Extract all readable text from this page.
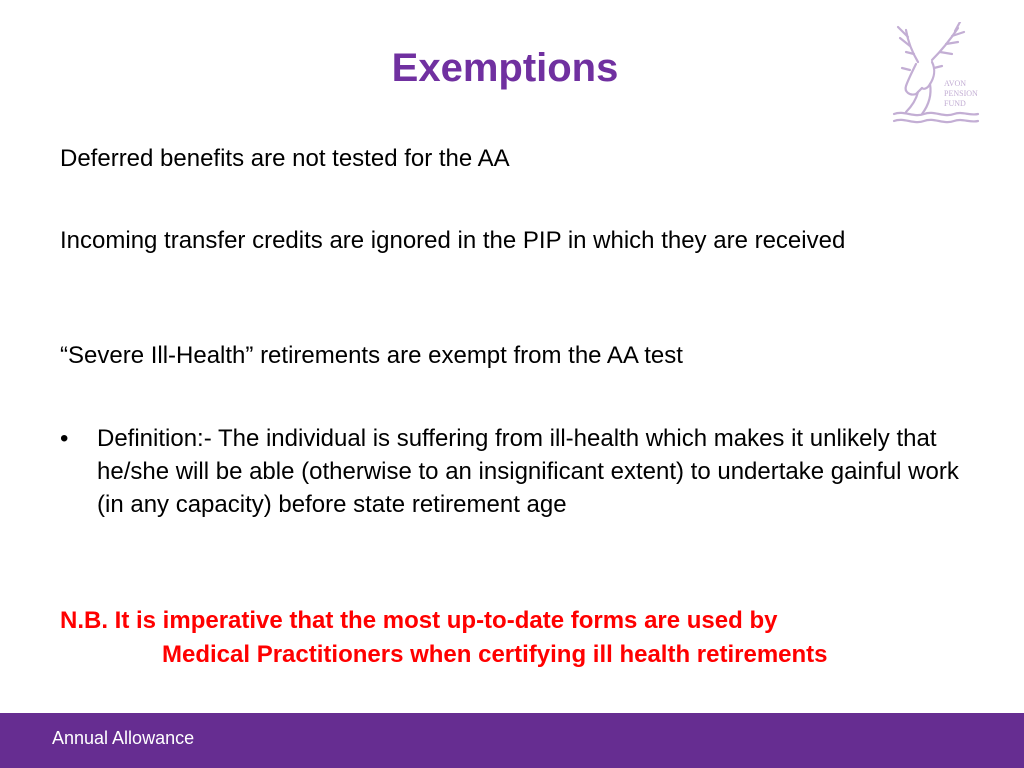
Exemptions	AVON
PENSION
FUND
Deferred benefits are not tested for the AA
Incoming transfer credits are ignored in the PIP in which they are received
“Severe Ill-Health” retirements are exempt from the AA test
•	Definition:- The individual is suffering from ill-health which makes it unlikely that he/she will be able (otherwise to an insignificant extent) to undertake gainful work (in any capacity) before state retirement age
N.B. It is imperative that the most up-to-date forms are used by
Medical Practitioners when certifying ill health retirements
Annual Allowance
